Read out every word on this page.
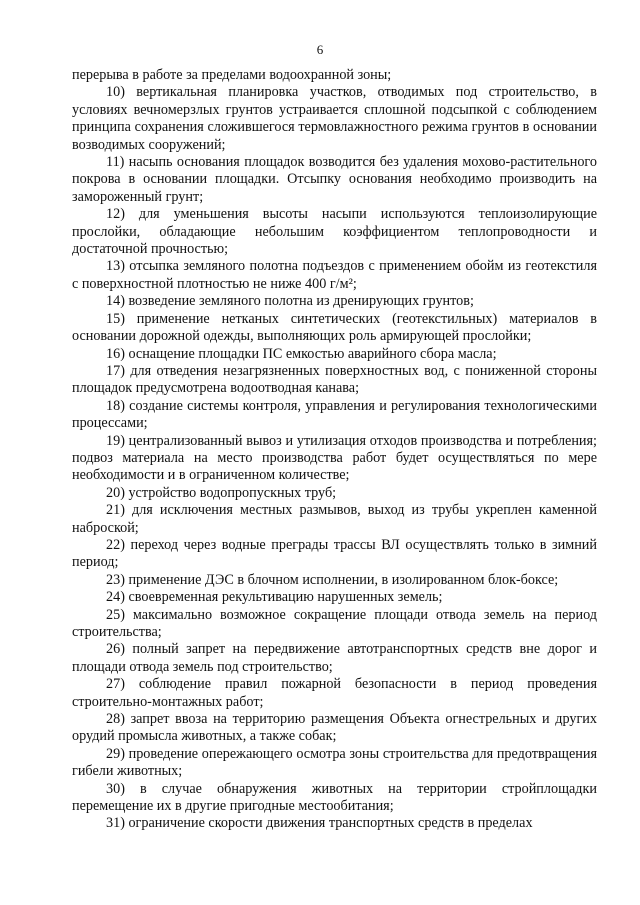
6

перерыва в работе за пределами водоохранной зоны;

10) вертикальная планировка участков, отводимых под строительство, в условиях вечномерзлых грунтов устраивается сплошной подсыпкой с соблюдением принципа сохранения сложившегося термовлажностного режима грунтов в основании возводимых сооружений;

11) насыпь основания площадок возводится без удаления мохово-растительного покрова в основании площадки. Отсыпку основания необходимо производить на замороженный грунт;

12) для уменьшения высоты насыпи используются теплоизолирующие прослойки, обладающие небольшим коэффициентом теплопроводности и достаточной прочностью;

13) отсыпка земляного полотна подъездов с применением обойм из геотекстиля с поверхностной плотностью не ниже 400 г/м²;

14) возведение земляного полотна из дренирующих грунтов;

15) применение нетканых синтетических (геотекстильных) материалов в основании дорожной одежды, выполняющих роль армирующей прослойки;

16) оснащение площадки ПС емкостью аварийного сбора масла;

17) для отведения незагрязненных поверхностных вод, с пониженной стороны площадок предусмотрена водоотводная канава;

18) создание системы контроля, управления и регулирования технологическими процессами;

19) централизованный вывоз и утилизация отходов производства и потребления; подвоз материала на место производства работ будет осуществляться по мере необходимости и в ограниченном количестве;

20) устройство водопропускных труб;

21) для исключения местных размывов, выход из трубы укреплен каменной наброской;

22) переход через водные преграды трассы ВЛ осуществлять только в зимний период;

23) применение ДЭС в блочном исполнении, в изолированном блок-боксе;

24) своевременная рекультивацию нарушенных земель;

25) максимально возможное сокращение площади отвода земель на период строительства;

26) полный запрет на передвижение автотранспортных средств вне дорог и площади отвода земель под строительство;

27) соблюдение правил пожарной безопасности в период проведения строительно-монтажных работ;

28) запрет ввоза на территорию размещения Объекта огнестрельных и других орудий промысла животных, а также собак;

29) проведение опережающего осмотра зоны строительства для предотвращения гибели животных;

30) в случае обнаружения животных на территории стройплощадки перемещение их в другие пригодные местообитания;

31) ограничение скорости движения транспортных средств в пределах
